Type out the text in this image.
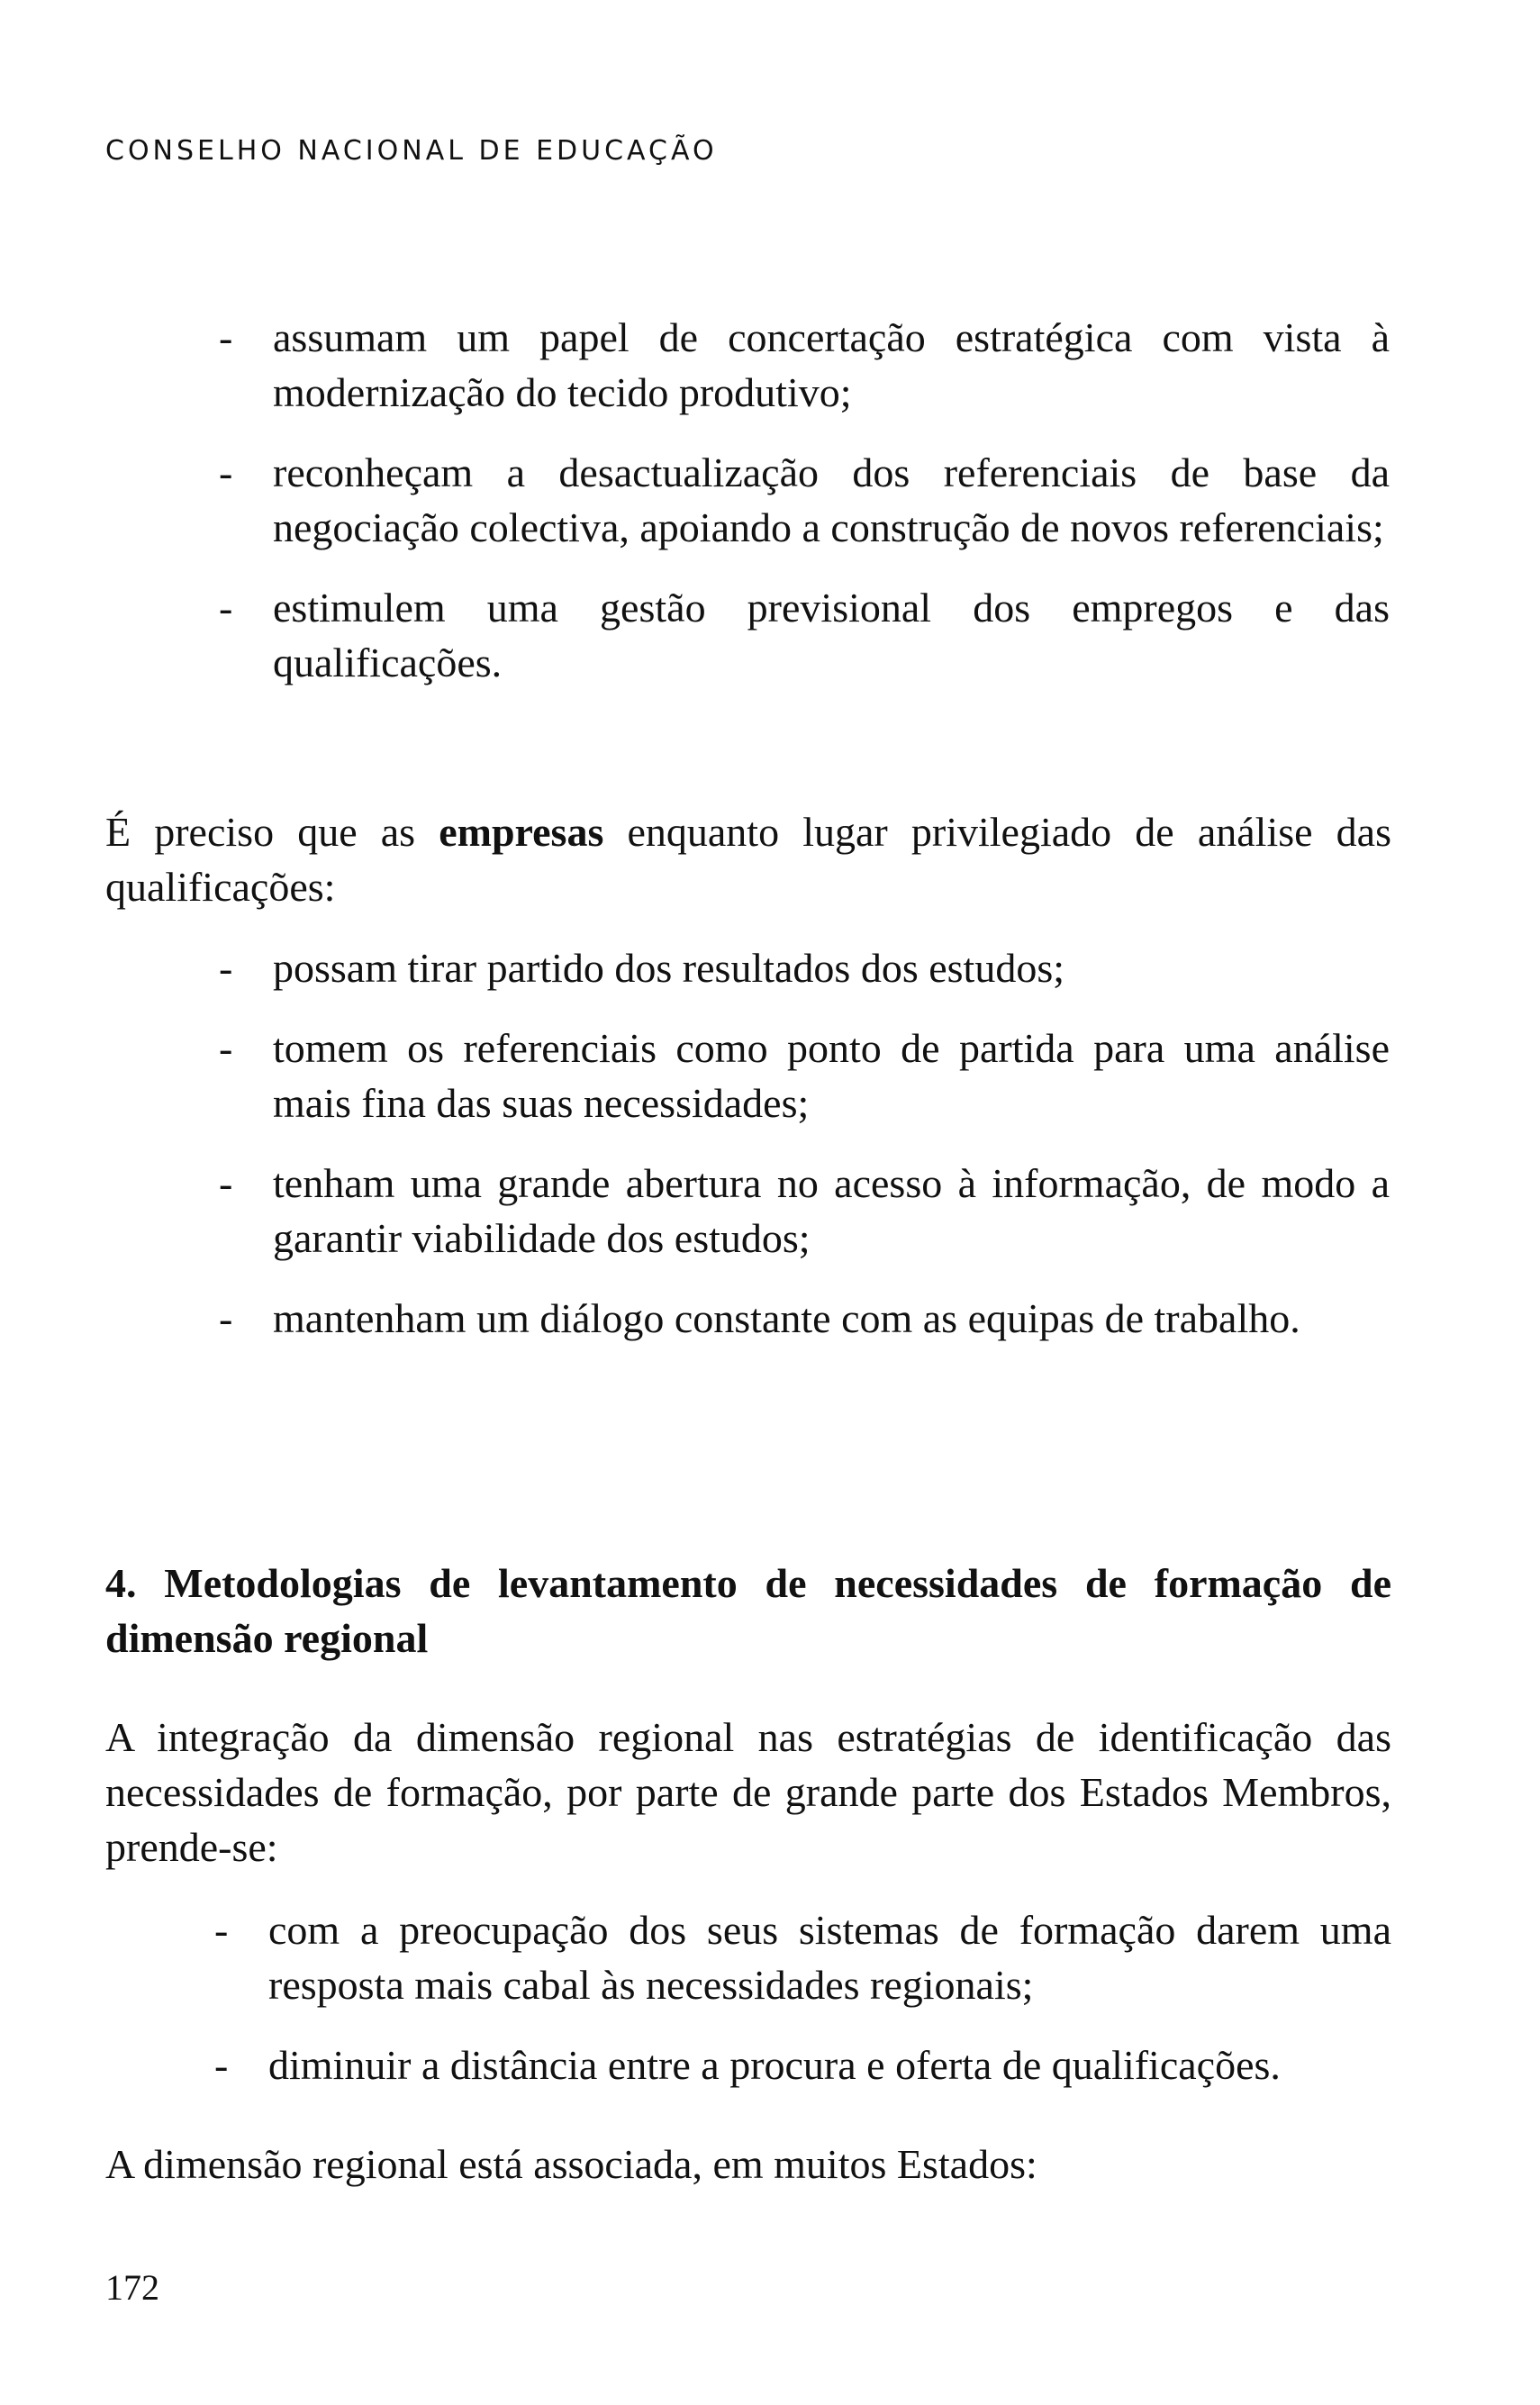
CONSELHO NACIONAL DE EDUCAÇÃO
- assumam um papel de concertação estratégica com vista à modernização do tecido produtivo;
- reconheçam a desactualização dos referenciais de base da negociação colectiva, apoiando a construção de novos referenciais;
- estimulem uma gestão previsional dos empregos e das qualificações.

É preciso que as empresas enquanto lugar privilegiado de análise das qualificações:

- possam tirar partido dos resultados dos estudos;
- tomem os referenciais como ponto de partida para uma análise mais fina das suas necessidades;
- tenham uma grande abertura no acesso à informação, de modo a garantir viabilidade dos estudos;
- mantenham um diálogo constante com as equipas de trabalho.
4. Metodologias de levantamento de necessidades de formação de dimensão regional

A integração da dimensão regional nas estratégias de identificação das necessidades de formação, por parte de grande parte dos Estados Membros, prende-se:

- com a preocupação dos seus sistemas de formação darem uma resposta mais cabal às necessidades regionais;
- diminuir a distância entre a procura e oferta de qualificações.

A dimensão regional está associada, em muitos Estados:

172
